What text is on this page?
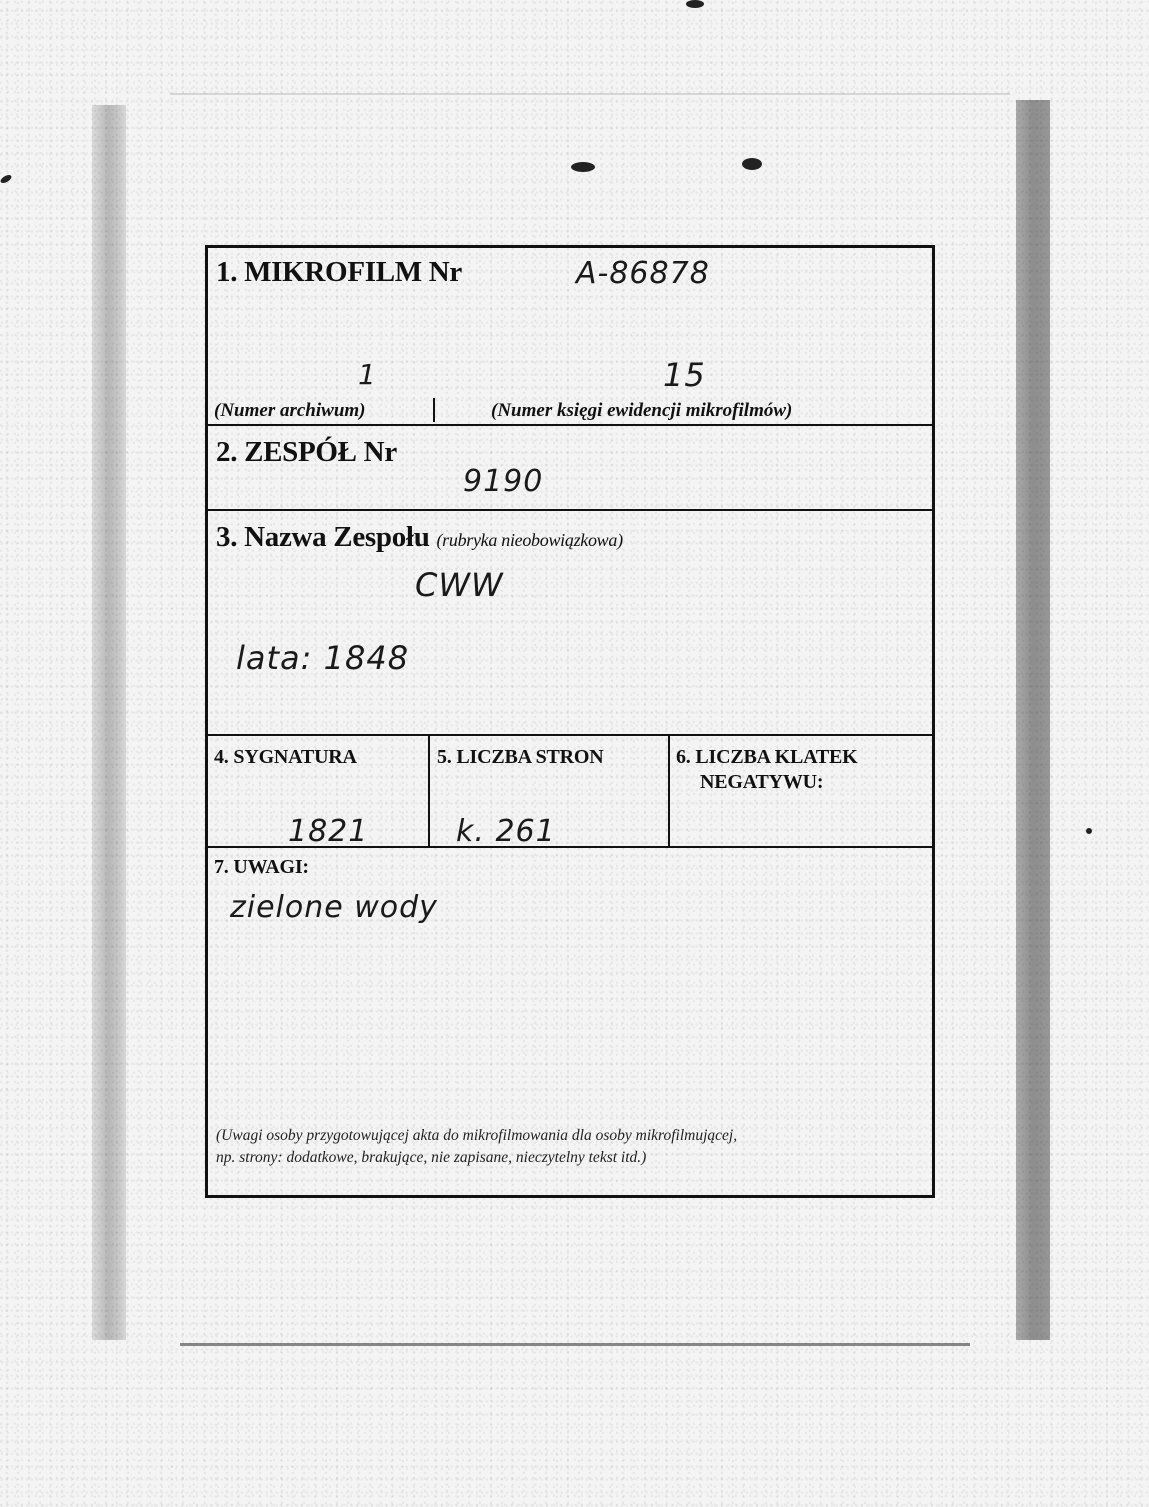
1. MIKROFILM Nr	A-86878
1	15
(Numer archiwum)	(Numer księgi ewidencji mikrofilmów)
2. ZESPÓŁ Nr
9190
3. Nazwa Zespołu (rubryka nieobowiązkowa)
CWW
lata: 1848
4. SYGNATURA
1821
5. LICZBA STRON
k. 261
6. LICZBA KLATEK
NEGATYWU:
7. UWAGI:
zielone wody
(Uwagi osoby przygotowującej akta do mikrofilmowania dla osoby mikrofilmującej,
np. strony: dodatkowe, brakujące, nie zapisane, nieczytelny tekst itd.)
